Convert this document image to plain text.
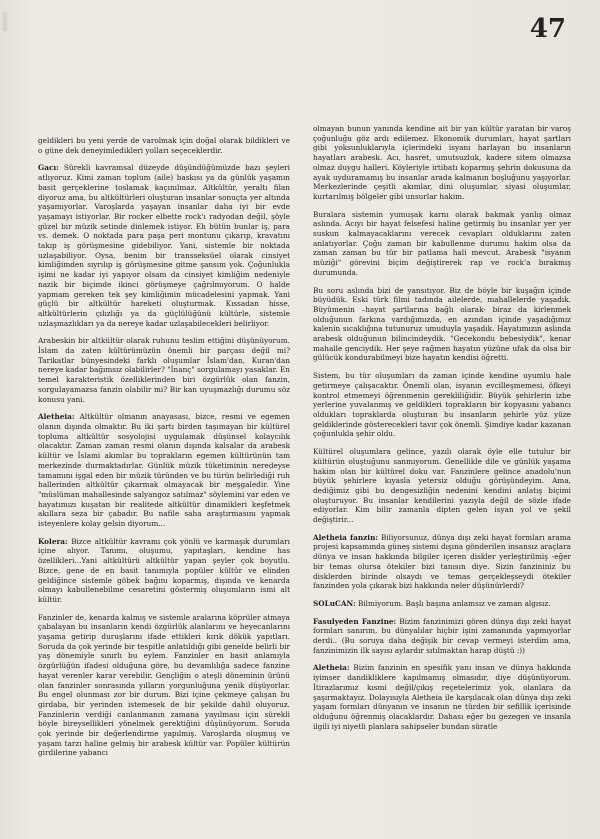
I	47

geldikleri bu yeni yerde de varolmak için doğal olarak bildikleri ve o güne dek deneyimledikleri yolları seçeceklerdir.

Gacı: Sürekli kavramsal düzeyde düşündüğümüzde bazı şeyleri atlıyoruz. Kimi zaman toplum (aile) baskısı ya da günlük yaşamın basit gerçeklerine toslamak kaçınılmaz. Altkültür, yeraltı filan diyoruz ama, bu altkültürleri oluşturan insanlar sonuçta yer altında yaşamıyorlar. Varoşlarda yaşayan insanlar daha iyi bir evde yaşamayı istiyorlar. Bir rocker elbette rock'ı radyodan değil, şöyle güzel bir müzik setinde dinlemek istiyor. Eh bütün bunlar iş, para vs. demek. O noktada para paşa peri montunu çıkarıp, kravatını takıp iş görüşmesine gidebiliyor. Yani, sistemle bir noktada uzlaşabiliyor. Oysa, benim bir transseksüel olarak cinsiyet kimliğimden sıyrılıp iş görüşmesine gitme şansım yok. Çoğunlukla işimi ne kadar iyi yapıyor olsam da cinsiyet kimliğim nedeniyle nazik bir biçimde ikinci görüşmeye çağrılmıyorum. O halde yapmam gereken tek şey kimliğimin mücadelesini yapmak. Yani güçlü bir altkültür hareketi oluşturmak. Kıssadan hisse, altkültürlerin çılızlığı ya da güçlülüğünü kültürle, sistemle uzlaşmazlıkları ya da nereye kadar uzlaşabilecekleri belirliyor.

Arabeskin bir altkültür olarak ruhunu teslim ettiğini düşünüyorum. İslam da zaten kültürümüzün önemli bir parçası değil mi? Tarikatlar bünyesindeki farklı oluşumlar İslam'dan, Kuran'dan nereye kadar bağımsız olabilirler? "İnanç" sorgulamayı yasaklar. En temel karakteristik özelliklerinden biri özgürlük olan fanzin, sorgulayamazsa fanzin olabilir mi? Bir kan uyuşmazlığı durumu söz konusu yani.

Aletheia: Altkültür olmanın anayasası, bizce, resmi ve egemen olanın dışında olmaktır. Bu iki şartı birden taşımayan bir kültürel topluma altkültür sosyolojisi uygulamak düşünsel kolaycılık olacaktır. Zaman zaman resmi olanın dışında kalsalar da arabesk kültür ve İslami akımlar bu toprakların egemen kültürünün tam merkezinde durmaktadırlar. Günlük müzik tüketiminin neredeyse tamamını işgal eden bir müzik türünden ve bu türün belirlediği ruh hallerinden altkültür çıkarmak olmayacak bir meşgaledir. Yine "müslüman mahallesinde salyangoz satılmaz" söylemini var eden ve hayatımızı kuşatan bir realitede altkültür dinamikleri keşfetmek akıllara seza bir çabadır. Bu nafile saha araştırmasını yapmak isteyenlere kolay gelsin diyorum...

Kolera: Bizce altkültür kavramı çok yönlü ve karmaşık durumları içine alıyor. Tanımı, oluşumu, yapıtaşları, kendine has özellikleri...Yani altkültürü altkültür yapan şeyler çok boyutlu. Bizce, gene de en basit tanımıyla popüler kültür ve elinden geldiğince sistemle göbek bağını koparmış, dışında ve kenarda olmayı kabullenebilme cesaretini göstermiş oluşumların ismi alt kültür.

Fanzinler de, kenarda kalmış ve sistemle aralarına köprüler atmaya çabalayan bu insanların kendi özgürlük alanlarını ve heyecanlarını yaşama getirip duruşlarını ifade ettikleri kırık dökük yapıtları. Soruda da çok yerinde bir tespitle anlatıldığı gibi genelde belirli bir yaş dönemiyle sınırlı bu eylem. Fanzinler en basit anlamıyla özgürlüğün ifadesi olduğuna göre, bu devamlılığa sadece fanzine hayat verenler karar verebilir. Gençliğin o ateşli döneminin ürünü olan fanzinler sonrasında yılların yorgunluğuna yenik düşüyorlar. Bu engel olunması zor bir durum. Bizi içine çekmeye çalışan bu girdaba, bir yerinden istemesek de bir şekilde dahil oluyoruz. Fanzinlerin verdiği canlanmanın zamana yayılması için sürekli böyle bireysellikleri yönelmek gerektiğini düşünüyorum. Soruda çok yerinde bir değerlendirme yapılmış. Varoşlarda oluşmuş ve yaşam tarzı haline gelmiş bir arabesk kültür var. Popüler kültürün girdilerine yabancı

olmayan bunun yanında kendine ait bir yan kültür yaratan bir varoş çoğunluğu göz ardı edilemez. Ekonomik durumları, hayat şartları gibi yoksunluklarıyla içlerindeki isyanı harlayan bu insanların hayatları arabesk. Acı, hasret, umutsuzluk, kadere sitem olmazsa olmaz duygu halleri. Köyleriyle irtibatı koparmış şehrin dokusuna da ayak uyduramamış bu insanlar arada kalmanın boşluğunu yaşıyorlar. Merkezlerinde çeşitli akımlar, dini oluşumlar, siyasi oluşumlar, kurtarılmış bölgeler gibi unsurlar hakim.

Buralara sistemin yumuşak karnı olarak bakmak yanlış olmaz aslında. Acıyı bir hayat felsefesi haline getirmiş bu insanlar yer yer suskun kalmayacaklarını verecek cevapları olduklarını zaten anlatıyorlar. Çoğu zaman bir kabullenme durumu hakim olsa da zaman zaman bu tür bir patlama hali mevcut. Arabesk "isyanın müziği" görevini biçim değiştirerek rap ve rock'a bırakmış durumunda.

Bu soru aslında bizi de yansıtıyor. Biz de böyle bir kuşağın içinde büyüdük. Eski türk filmi tadında ailelerde, mahallelerde yaşadık. Büyümenin –hayat şartlarına bağlı olarak- biraz da kirlenmek olduğunun farkına vardığımızda, en azından içinde yaşadığımız kalenin sıcaklığına tutunuruz umuduyla yaşadık. Hayatımızın aslında arabesk olduğunun bilincindeydik. "Gecekondu bebesiydik", kenar mahalle genciydik. Her şeye rağmen hayatın yüzüne ufak da olsa bir gülücük kondurabilmeyi bize hayatın kendisi öğretti.

Sistem, bu tür oluşumları da zaman içinde kendine uyumlu hale getirmeye çalışacaktır. Önemli olan, isyanın evcilleşmemesi, öfkeyi kontrol etmemeyi öğrenmenin gerekliliğidir. Büyük şehirlerin izbe yerlerine yuvalanmış ve geldikleri toprakların bir kopyasını yabancı oldukları topraklarda oluşturan bu insanların şehirle yüz yüze geldiklerinde gösterecekleri tavır çok önemli. Şimdiye kadar kazanan çoğunlukla şehir oldu.

Kültürel oluşumlara gelince, yazılı olarak öyle elle tutulur bir kültürün oluştuğunu sanmıyorum. Genellikle dile ve günlük yaşama hakim olan bir kültürel doku var. Fanzinlere gelince anadolu'nun büyük şehirlere kıyasla yetersiz olduğu görüşündeyim. Ama, dediğimiz gibi bu dengesizliğin nedenini kendini anlatış biçimi oluşturuyor. Bu insanlar kendilerini yazıyla değil de sözle ifade ediyorlar. Kim bilir zamanla dipten gelen isyan yol ve şekil değiştirir...

Aletheia fanzin: Biliyorsunuz, dünya dışı zeki hayat formları arama projesi kapsamında güneş sistemi dışına gönderilen insansız araçlara dünya ve insan hakkında bilgiler içeren diskler yerleştirilmiş -eğer bir temas olursa ötekiler bizi tanısın diye. Sizin fanzininiz bu disklerden birinde olsaydı ve temas gerçekleşseydi ötekiler fanzinden yola çıkarak bizi hakkında neler düşünürlerdi?

SOLuCAN: Bilmiyorum. Başlı başına anlamsız ve zaman algısız.

Fasulyeden Fanzine: Bizim fanzinimizi gören dünya dışı zeki hayat formları sanırım, bu dünyalılar hiçbir işini zamanında yapmıyorlar derdi.. (Bu soruya daha değişik bir cevap vermeyi isterdim ama, fanzinimizin ilk sayısı aylardır sıtılmaktan harap düştü :))

Aletheia: Bizim fanzinin en spesifik yanı insan ve dünya hakkında iyimser dandikliklere kapılmamış olmasıdır, diye düşünüyorum. İtirazlarımız kısmi değil/çıkış reçetelerimiz yok, olanlara da şaşırmaktayız. Dolayısıyla Aletheia ile karşılacak olan dünya dışı zeki yaşam formları dünyanın ve insanın ne türden bir sefillik içerisinde olduğunu öğrenmiş olacaklardır. Dahası eğer bu gezegen ve insanla ilgili iyi niyetli planlara sahipseler bundan süratle
